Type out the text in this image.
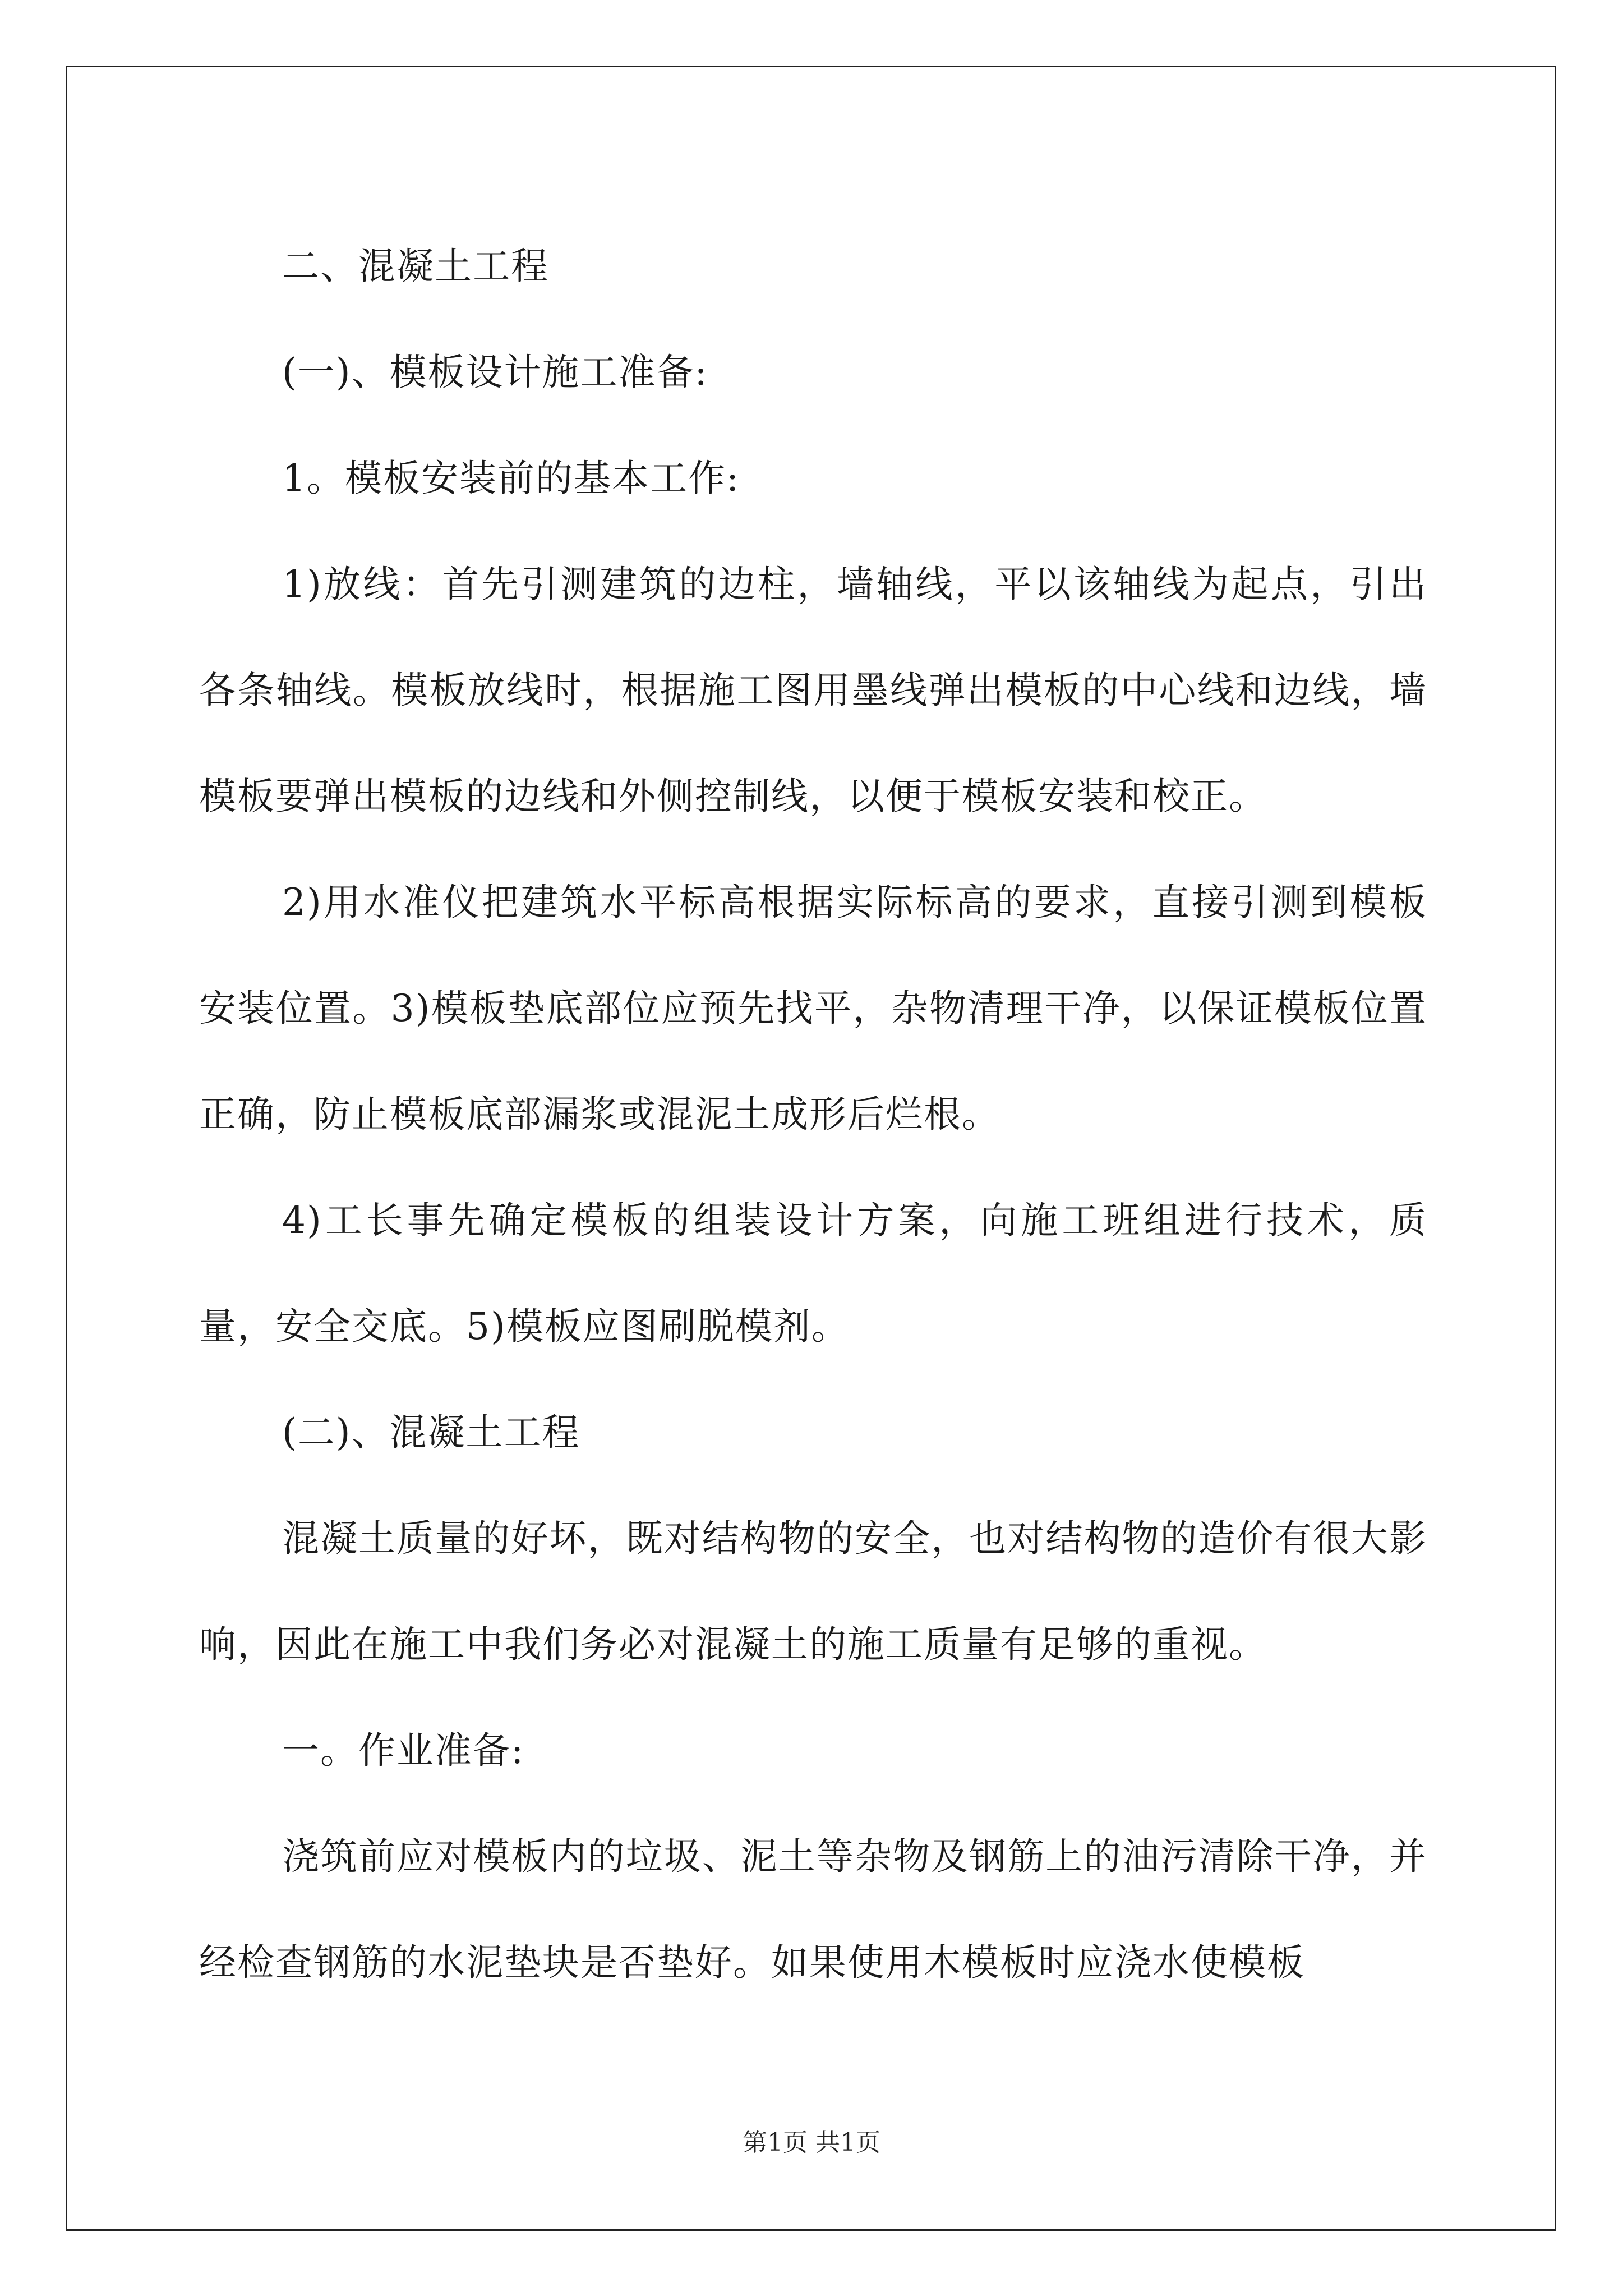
二、混凝土工程

(一)、模板设计施工准备:

1。模板安装前的基本工作:

1)放线：首先引测建筑的边柱，墙轴线，平以该轴线为起点，引出各条轴线。模板放线时，根据施工图用墨线弹出模板的中心线和边线，墙模板要弹出模板的边线和外侧控制线，以便于模板安装和校正。

2)用水准仪把建筑水平标高根据实际标高的要求，直接引测到模板安装位置。3)模板垫底部位应预先找平，杂物清理干净，以保证模板位置正确，防止模板底部漏浆或混泥土成形后烂根。

4)工长事先确定模板的组装设计方案，向施工班组进行技术，质量，安全交底。5)模板应图刷脱模剂。

(二)、混凝土工程

混凝土质量的好坏，既对结构物的安全，也对结构物的造价有很大影响，因此在施工中我们务必对混凝土的施工质量有足够的重视。

一。作业准备:

浇筑前应对模板内的垃圾、泥土等杂物及钢筋上的油污清除干净，并经检查钢筋的水泥垫块是否垫好。如果使用木模板时应浇水使模板

第1页 共1页
